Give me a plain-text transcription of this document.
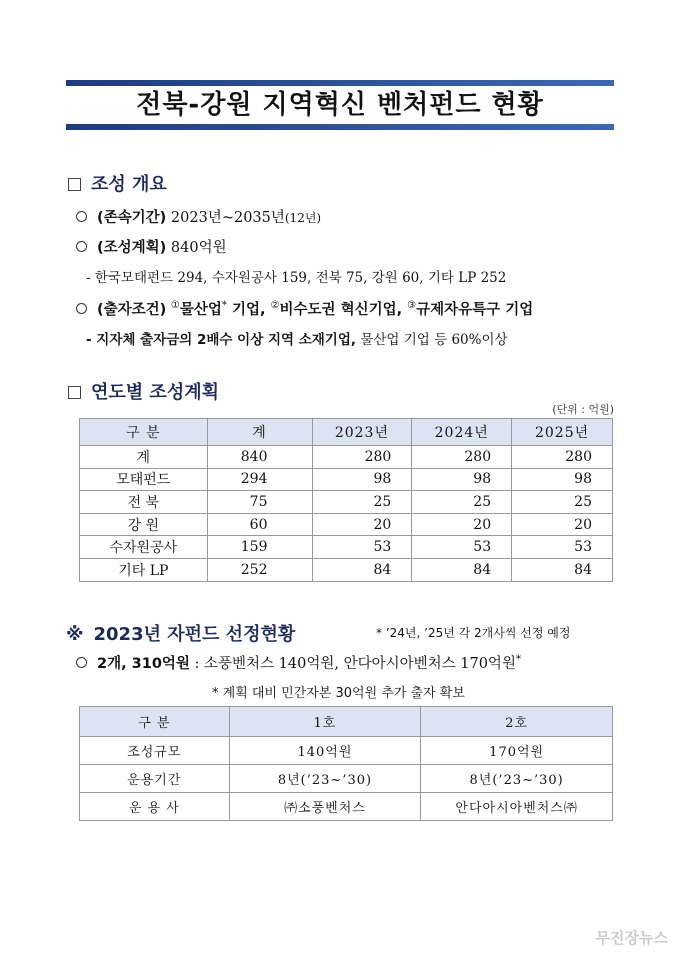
전북-강원 지역혁신 벤처펀드 현황
조성 개요
(존속기간) 2023년~2035년(12년)
(조성계획) 840억원
- 한국모태펀드 294, 수자원공사 159, 전북 75, 강원 60, 기타 LP 252
(출자조건) ①물산업* 기업, ②비수도권 혁신기업, ③규제자유특구 기업
- 지자체 출자금의 2배수 이상 지역 소재기업, 물산업 기업 등 60%이상
연도별 조성계획
(단위 : 억원)
구 분	계	2023년	2024년	2025년
계	840	280	280	280
모태펀드	294	98	98	98
전 북	75	25	25	25
강 원	60	20	20	20
수자원공사	159	53	53	53
기타 LP	252	84	84	84
※ 2023년 자펀드 선정현황	* ’24년, ’25년 각 2개사씩 선정 예정
2개, 310억원 : 소풍벤처스 140억원, 안다아시아벤처스 170억원*
* 계획 대비 민간자본 30억원 추가 출자 확보
구 분	1호	2호
조성규모	140억원	170억원
운용기간	8년(’23~’30)	8년(’23~’30)
운 용 사	㈜소풍벤처스	안다아시아벤처스㈜
무진장뉴스
